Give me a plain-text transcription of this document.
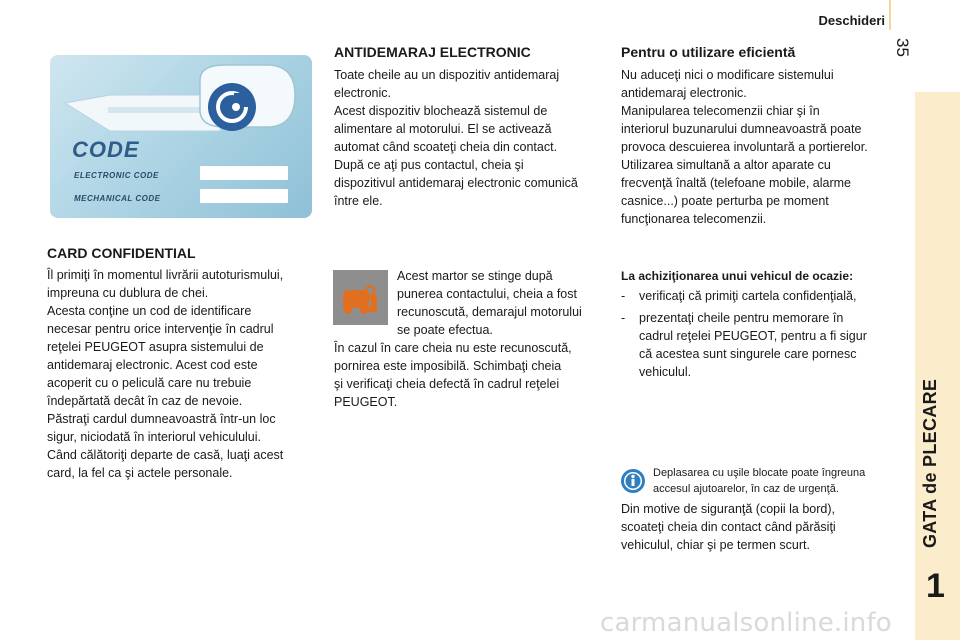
Deschideri
35
GATA de PLECARE
1
CODE
ELECTRONIC CODE
MECHANICAL CODE
CARD CONFIDENTIAL
Îl primiţi în momentul livrării autoturismului,
impreuna cu dublura de chei.
Acesta conţine un cod de identificare
necesar pentru orice intervenţie în cadrul
reţelei PEUGEOT asupra sistemului de
antidemaraj electronic. Acest cod este
acoperit cu o peliculă care nu trebuie
îndepărtată decât în caz de nevoie.
Păstraţi cardul dumneavoastră într-un loc
sigur, niciodată în interiorul vehiculului.
Când călătoriţi departe de casă, luaţi acest
card, la fel ca şi actele personale.
ANTIDEMARAJ ELECTRONIC
Toate cheile au un dispozitiv antidemaraj
electronic.
Acest dispozitiv blochează sistemul de
alimentare al motorului. El se activează
automat când scoateţi cheia din contact.
După ce aţi pus contactul, cheia şi
dispozitivul antidemaraj electronic comunică
între ele.
Acest martor se stinge după
punerea contactului, cheia a fost
recunoscută, demarajul motorului
se poate efectua.
În cazul în care cheia nu este recunoscută,
pornirea este imposibilă. Schimbaţi cheia
şi verificaţi cheia defectă în cadrul reţelei
PEUGEOT.
Pentru o utilizare eficientă
Nu aduceţi nici o modificare sistemului
antidemaraj electronic.
Manipularea telecomenzii chiar şi în
interiorul buzunarului dumneavoastră poate
provoca descuierea involuntară a portierelor.
Utilizarea simultană a altor aparate cu
frecvenţă înaltă (telefoane mobile, alarme
casnice...) poate perturba pe moment
funcţionarea telecomenzii.
La achiziţionarea unui vehicul de ocazie:
- verificaţi că primiţi cartela confidenţială,
- prezentaţi cheile pentru memorare în
cadrul reţelei PEUGEOT, pentru a fi sigur
că acestea sunt singurele care pornesc
vehiculul.
Deplasarea cu uşile blocate poate îngreuna
accesul ajutoarelor, în caz de urgenţă.
Din motive de siguranţă (copii la bord),
scoateţi cheia din contact când părăsiţi
vehiculul, chiar şi pe termen scurt.
carmanualsonline.info
